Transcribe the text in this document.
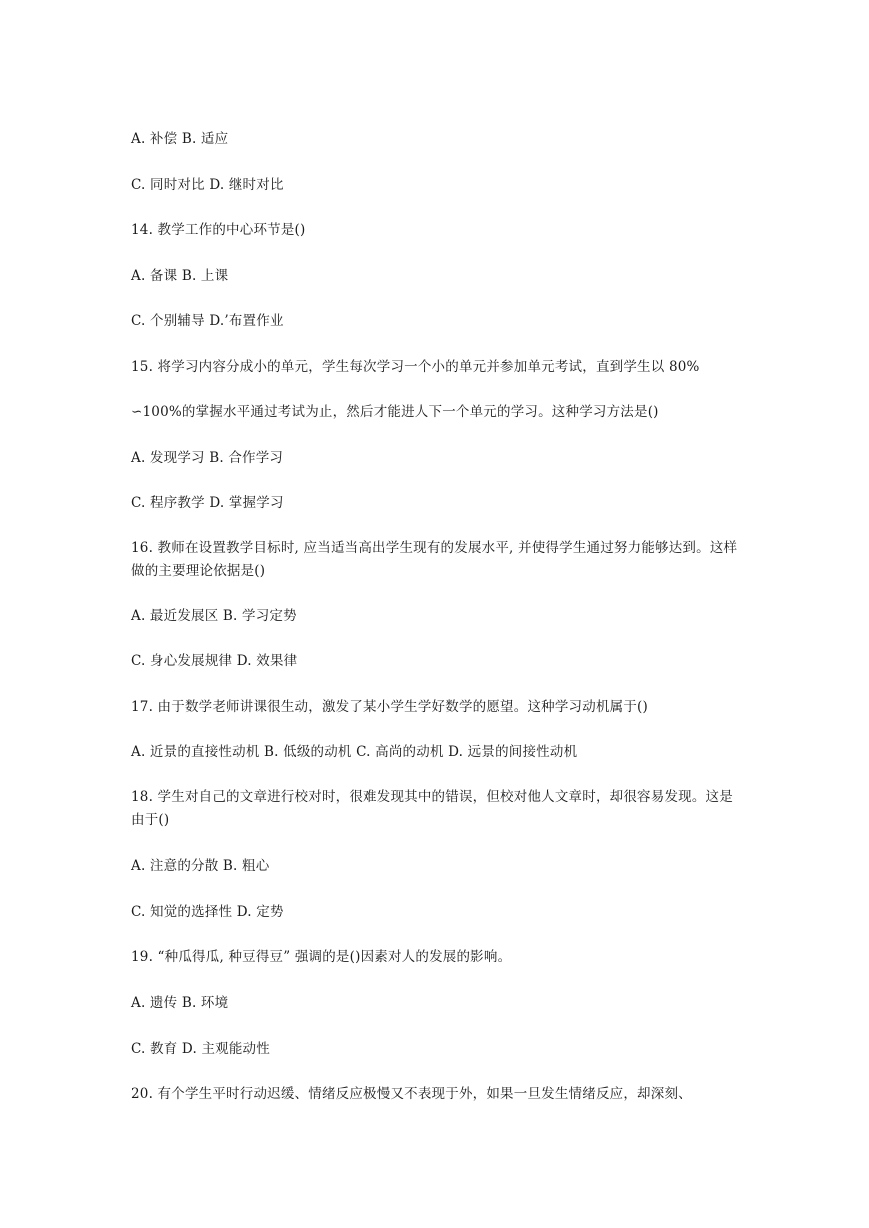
A. 补偿 B. 适应
C. 同时对比 D. 继时对比
14. 教学工作的中心环节是()
A. 备课 B. 上课
C. 个别辅导 D.’布置作业
15. 将学习内容分成小的单元，学生每次学习一个小的单元并参加单元考试，直到学生以 80%
∽100%的掌握水平通过考试为止，然后才能进人下一个单元的学习。这种学习方法是()
A. 发现学习 B. 合作学习
C. 程序教学 D. 掌握学习
16. 教师在设置教学目标时, 应当适当高出学生现有的发展水平, 并使得学生通过努力能够达到。这样做的主要理论依据是()
A. 最近发展区 B. 学习定势
C. 身心发展规律 D. 效果律
17. 由于数学老师讲课很生动，激发了某小学生学好数学的愿望。这种学习动机属于()
A. 近景的直接性动机 B. 低级的动机 C. 高尚的动机 D. 远景的间接性动机
18. 学生对自己的文章进行校对时，很难发现其中的错误，但校对他人文章时，却很容易发现。这是由于()
A. 注意的分散 B. 粗心
C. 知觉的选择性 D. 定势
19. “种瓜得瓜, 种豆得豆” 强调的是()因素对人的发展的影响。
A. 遗传 B. 环境
C. 教育 D. 主观能动性
20. 有个学生平时行动迟缓、情绪反应极慢又不表现于外，如果一旦发生情绪反应，却深刻、
